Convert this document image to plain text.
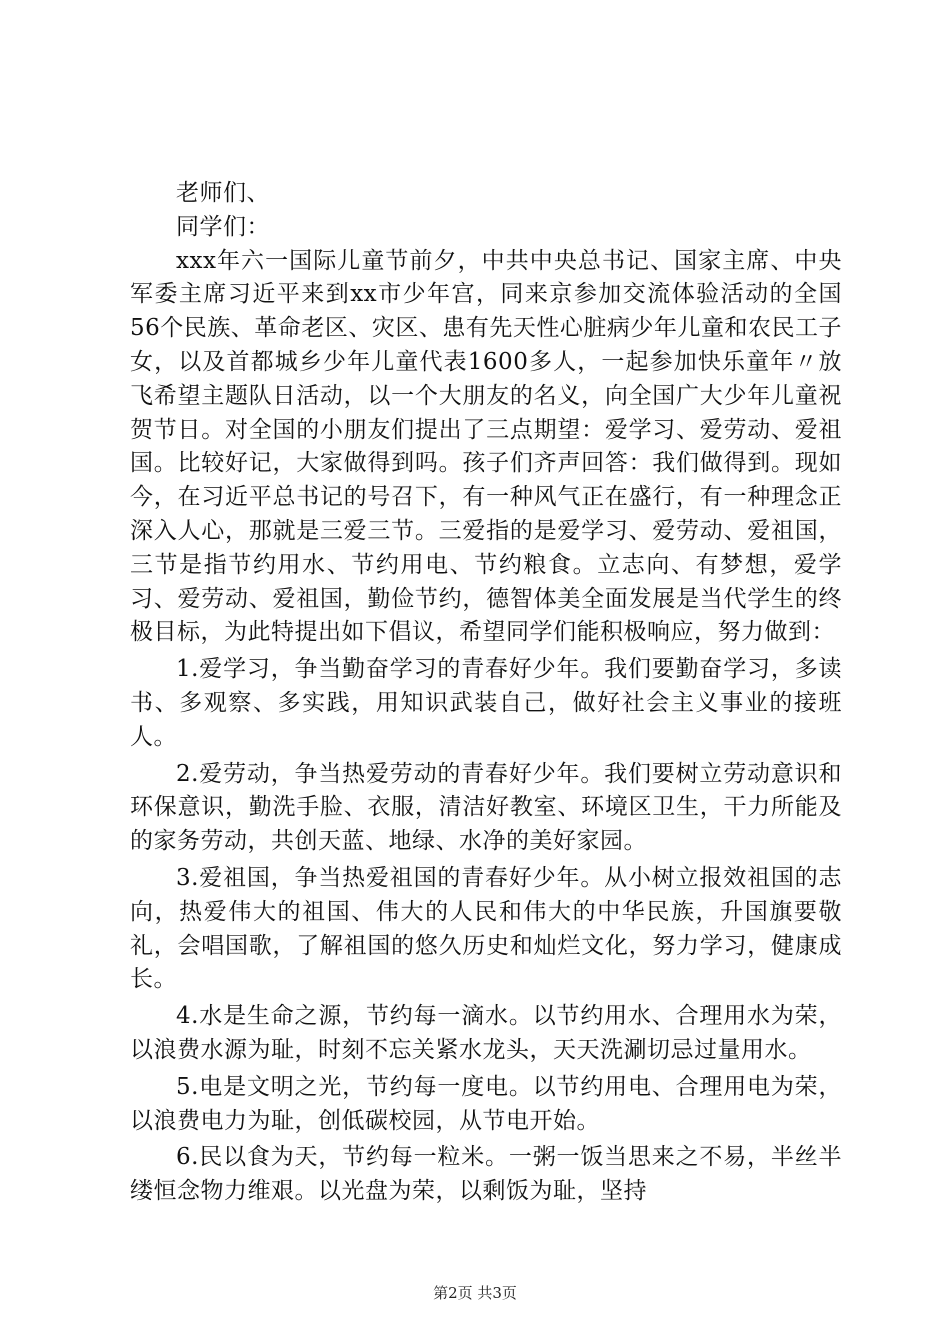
老师们、

同学们：

xxx年六一国际儿童节前夕，中共中央总书记、国家主席、中央军委主席习近平来到xx市少年宫，同来京参加交流体验活动的全国56个民族、革命老区、灾区、患有先天性心脏病少年儿童和农民工子女，以及首都城乡少年儿童代表1600多人，一起参加快乐童年〃放飞希望主题队日活动，以一个大朋友的名义，向全国广大少年儿童祝贺节日。对全国的小朋友们提出了三点期望：爱学习、爱劳动、爱祖国。比较好记，大家做得到吗。孩子们齐声回答：我们做得到。现如今，在习近平总书记的号召下，有一种风气正在盛行，有一种理念正深入人心，那就是三爱三节。三爱指的是爱学习、爱劳动、爱祖国，三节是指节约用水、节约用电、节约粮食。立志向、有梦想，爱学习、爱劳动、爱祖国，勤俭节约，德智体美全面发展是当代学生的终极目标，为此特提出如下倡议，希望同学们能积极响应，努力做到：

1.爱学习，争当勤奋学习的青春好少年。我们要勤奋学习，多读书、多观察、多实践，用知识武装自己，做好社会主义事业的接班人。

2.爱劳动，争当热爱劳动的青春好少年。我们要树立劳动意识和环保意识，勤洗手脸、衣服，清洁好教室、环境区卫生，干力所能及的家务劳动，共创天蓝、地绿、水净的美好家园。

3.爱祖国，争当热爱祖国的青春好少年。从小树立报效祖国的志向，热爱伟大的祖国、伟大的人民和伟大的中华民族，升国旗要敬礼，会唱国歌，了解祖国的悠久历史和灿烂文化，努力学习，健康成长。

4.水是生命之源，节约每一滴水。以节约用水、合理用水为荣，以浪费水源为耻，时刻不忘关紧水龙头，天天洗涮切忌过量用水。

5.电是文明之光，节约每一度电。以节约用电、合理用电为荣，以浪费电力为耻，创低碳校园，从节电开始。

6.民以食为天，节约每一粒米。一粥一饭当思来之不易，半丝半缕恒念物力维艰。以光盘为荣，以剩饭为耻，坚持

第2页 共3页
